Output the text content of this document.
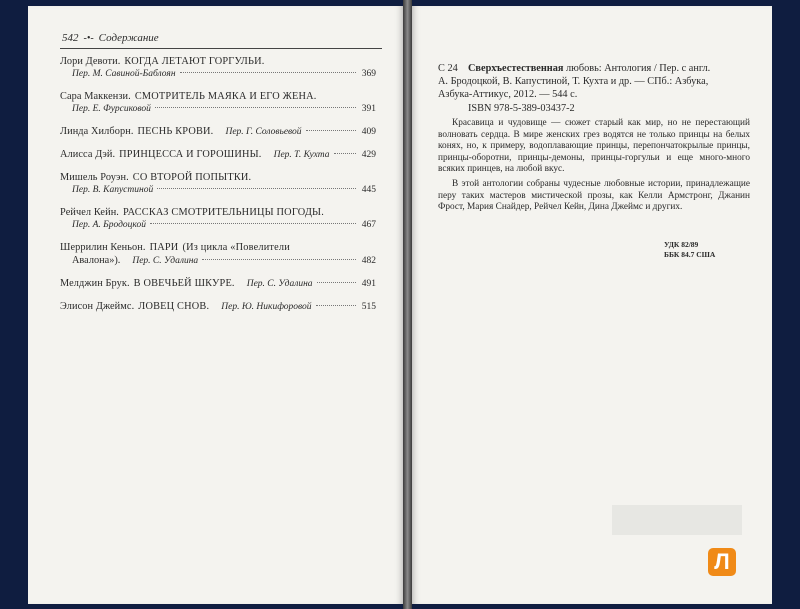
542 -•- Содержание
Лори Девоти. КОГДА ЛЕТАЮТ ГОРГУЛЬИ.
Пер. М. Савиной-Баблоян	369
Сара Маккензи. СМОТРИТЕЛЬ МАЯКА И ЕГО ЖЕНА.
Пер. Е. Фурсиковой	391
Линда Хилборн. ПЕСНЬ КРОВИ. Пер. Г. Соловьевой	409
Алисса Дэй. ПРИНЦЕССА И ГОРОШИНЫ. Пер. Т. Кухта	429
Мишель Роуэн. СО ВТОРОЙ ПОПЫТКИ.
Пер. В. Капустиной	445
Рейчел Кейн. РАССКАЗ СМОТРИТЕЛЬНИЦЫ ПОГОДЫ.
Пер. А. Бродоцкой	467
Шеррилин Кеньон. ПАРИ (Из цикла «Повелители
Авалона»). Пер. С. Удалина	482
Мелджин Брук. В ОВЕЧЬЕЙ ШКУРЕ. Пер. С. Удалина	491
Элисон Джеймс. ЛОВЕЦ СНОВ. Пер. Ю. Никифоровой	515
С 24 Сверхъестественная любовь: Антология / Пер. с англ.
А. Бродоцкой, В. Капустиной, Т. Кухта и др. — СПб.: Азбука,
Азбука-Аттикус, 2012. — 544 с.
ISBN 978-5-389-03437-2
Красавица и чудовище — сюжет старый как мир, но не перестающий волновать сердца. В мире женских грез водятся не только принцы на белых конях, но, к примеру, водоплавающие принцы, перепончатокрылые принцы, принцы-оборотни, принцы-демоны, принцы-горгульи и еще много-много всяких принцев, на любой вкус.
В этой антологии собраны чудесные любовные истории, принадлежащие перу таких мастеров мистической прозы, как Келли Армстронг, Джанин Фрост, Мария Снайдер, Рейчел Кейн, Дина Джеймс и других.
УДК 82/89
ББК 84.7 США
Л
